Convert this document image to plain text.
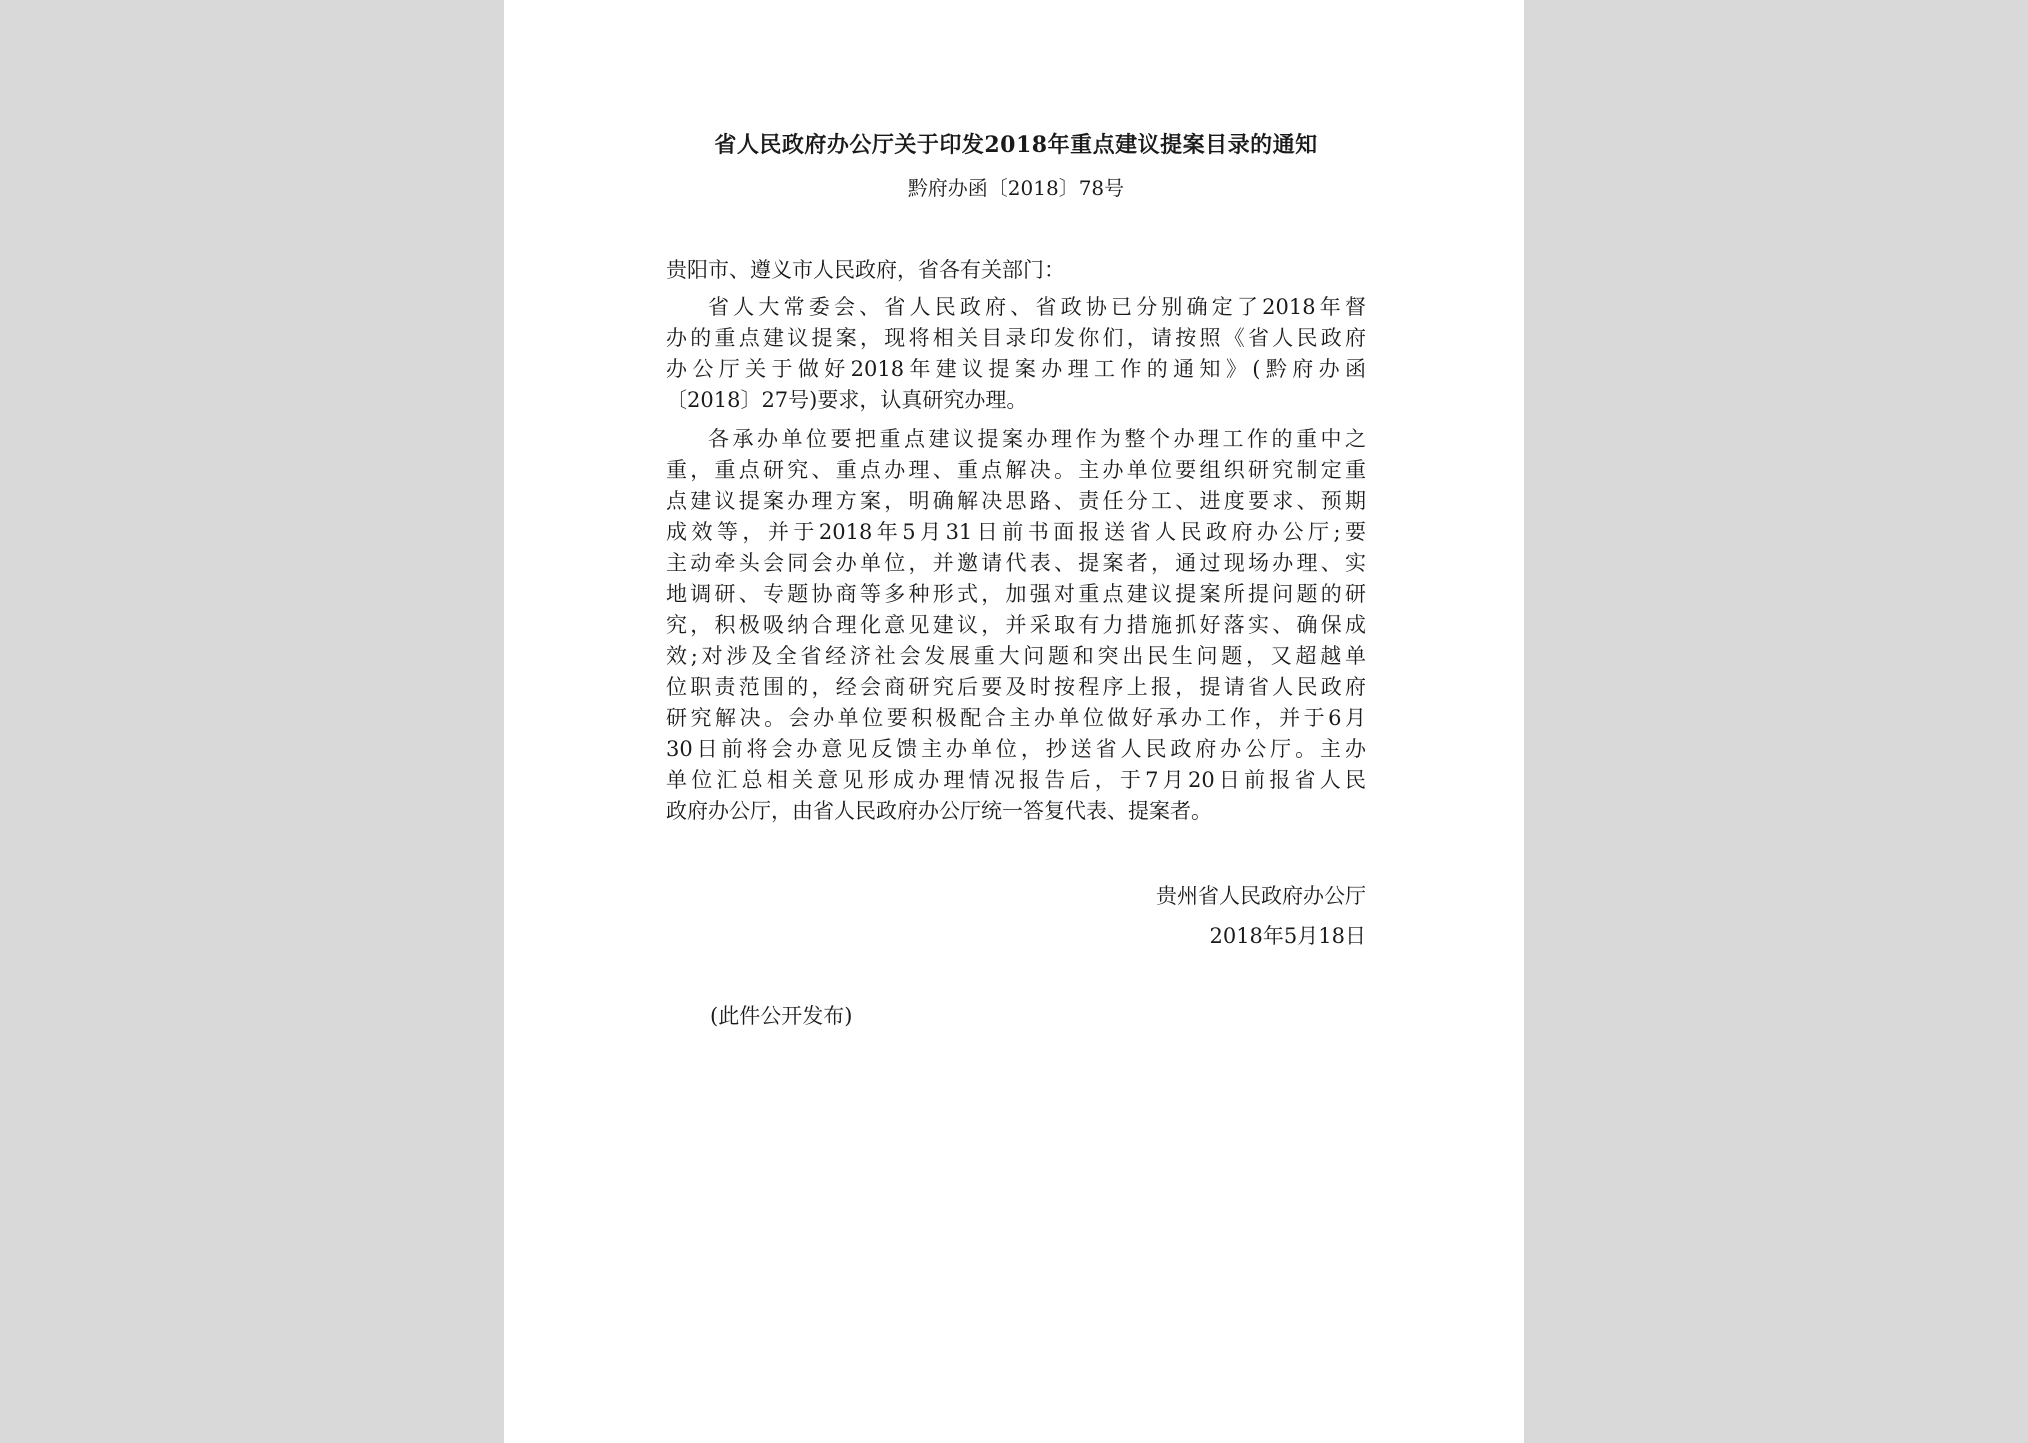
省人民政府办公厅关于印发2018年重点建议提案目录的通知
黔府办函〔2018〕78号
贵阳市、遵义市人民政府，省各有关部门：
省人大常委会、省人民政府、省政协已分别确定了2018年督
办的重点建议提案，现将相关目录印发你们，请按照《省人民政府
办公厅关于做好2018年建议提案办理工作的通知》(黔府办函
〔2018〕27号)要求，认真研究办理。
各承办单位要把重点建议提案办理作为整个办理工作的重中之
重，重点研究、重点办理、重点解决。主办单位要组织研究制定重
点建议提案办理方案，明确解决思路、责任分工、进度要求、预期
成效等，并于2018年5月31日前书面报送省人民政府办公厅;要
主动牵头会同会办单位，并邀请代表、提案者，通过现场办理、实
地调研、专题协商等多种形式，加强对重点建议提案所提问题的研
究，积极吸纳合理化意见建议，并采取有力措施抓好落实、确保成
效;对涉及全省经济社会发展重大问题和突出民生问题，又超越单
位职责范围的，经会商研究后要及时按程序上报，提请省人民政府
研究解决。会办单位要积极配合主办单位做好承办工作，并于6月
30日前将会办意见反馈主办单位，抄送省人民政府办公厅。主办
单位汇总相关意见形成办理情况报告后，于7月20日前报省人民
政府办公厅，由省人民政府办公厅统一答复代表、提案者。
贵州省人民政府办公厅
2018年5月18日
(此件公开发布)
